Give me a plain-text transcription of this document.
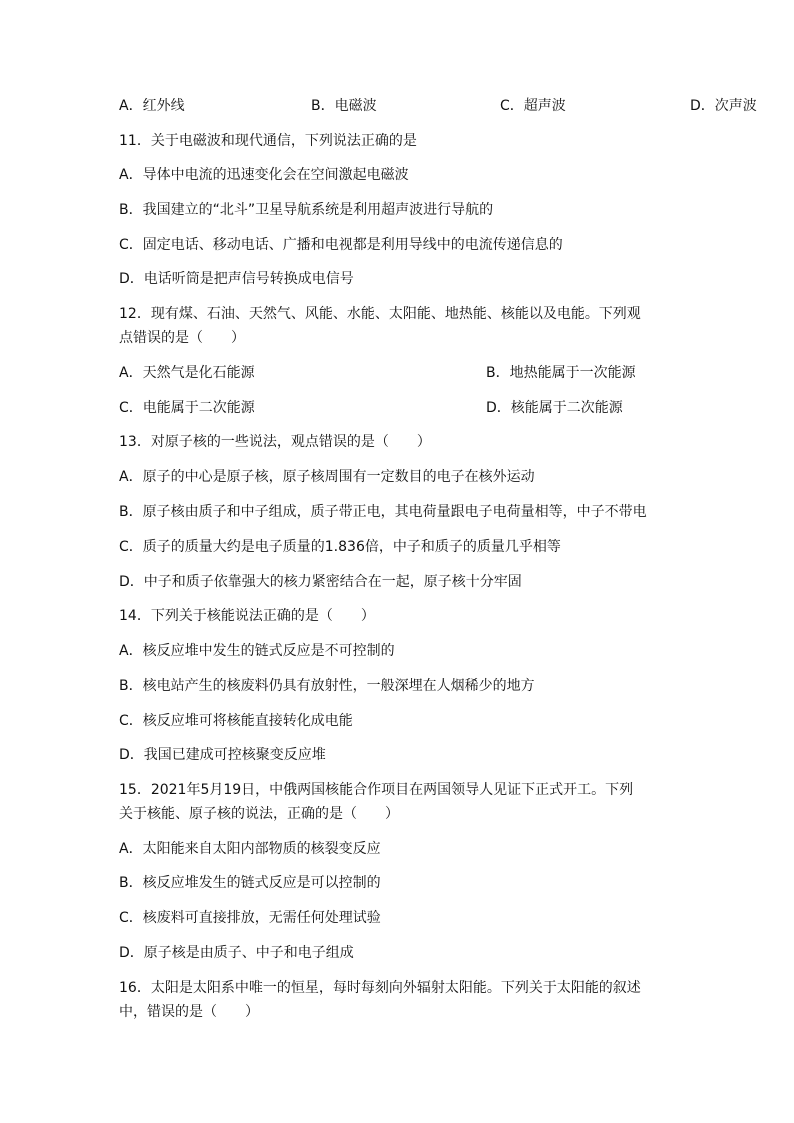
A．红外线	B．电磁波	C．超声波	D．次声波
11．关于电磁波和现代通信，下列说法正确的是
A．导体中电流的迅速变化会在空间激起电磁波
B．我国建立的“北斗”卫星导航系统是利用超声波进行导航的
C．固定电话、移动电话、广播和电视都是利用导线中的电流传递信息的
D．电话听筒是把声信号转换成电信号
12．现有煤、石油、天然气、风能、水能、太阳能、地热能、核能以及电能。下列观
点错误的是（　　）
A．天然气是化石能源	B．地热能属于一次能源
C．电能属于二次能源	D．核能属于二次能源
13．对原子核的一些说法，观点错误的是（　　）
A．原子的中心是原子核，原子核周围有一定数目的电子在核外运动
B．原子核由质子和中子组成，质子带正电，其电荷量跟电子电荷量相等，中子不带电
C．质子的质量大约是电子质量的1.836倍，中子和质子的质量几乎相等
D．中子和质子依靠强大的核力紧密结合在一起，原子核十分牢固
14．下列关于核能说法正确的是（　　）
A．核反应堆中发生的链式反应是不可控制的
B．核电站产生的核废料仍具有放射性，一般深埋在人烟稀少的地方
C．核反应堆可将核能直接转化成电能
D．我国已建成可控核聚变反应堆
15．2021年5月19日，中俄两国核能合作项目在两国领导人见证下正式开工。下列
关于核能、原子核的说法，正确的是（　　）
A．太阳能来自太阳内部物质的核裂变反应
B．核反应堆发生的链式反应是可以控制的
C．核废料可直接排放，无需任何处理试验
D．原子核是由质子、中子和电子组成
16．太阳是太阳系中唯一的恒星，每时每刻向外辐射太阳能。下列关于太阳能的叙述
中，错误的是（　　）
